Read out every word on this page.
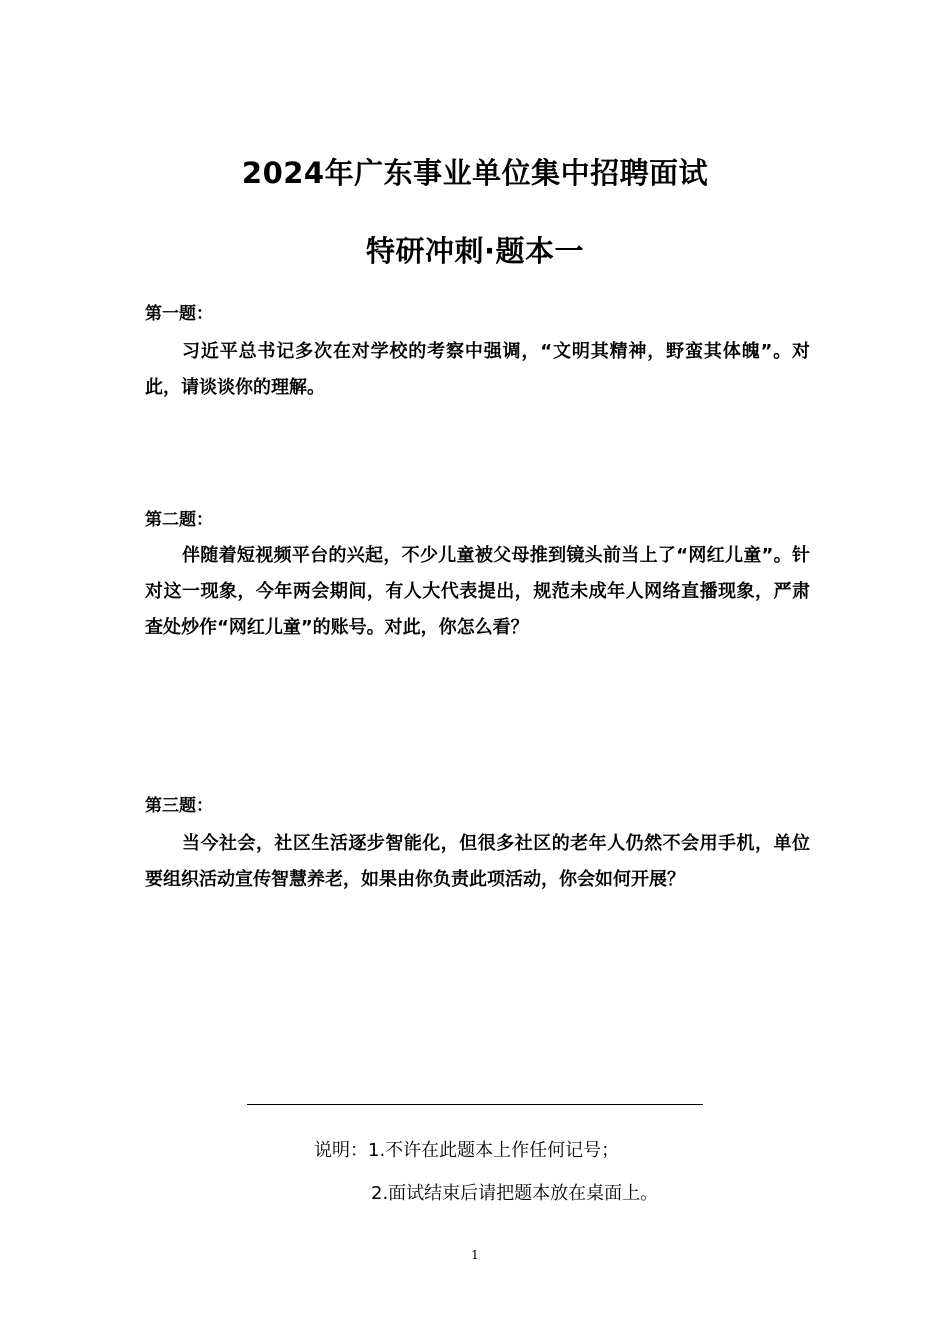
2024年广东事业单位集中招聘面试
特研冲刺·题本一
第一题：
习近平总书记多次在对学校的考察中强调，“文明其精神，野蛮其体魄”。对此，请谈谈你的理解。
第二题：
伴随着短视频平台的兴起，不少儿童被父母推到镜头前当上了“网红儿童”。针对这一现象，今年两会期间，有人大代表提出，规范未成年人网络直播现象，严肃查处炒作“网红儿童”的账号。对此，你怎么看？
第三题：
当今社会，社区生活逐步智能化，但很多社区的老年人仍然不会用手机，单位要组织活动宣传智慧养老，如果由你负责此项活动，你会如何开展？
说明：1.不许在此题本上作任何记号；
2.面试结束后请把题本放在桌面上。
1
